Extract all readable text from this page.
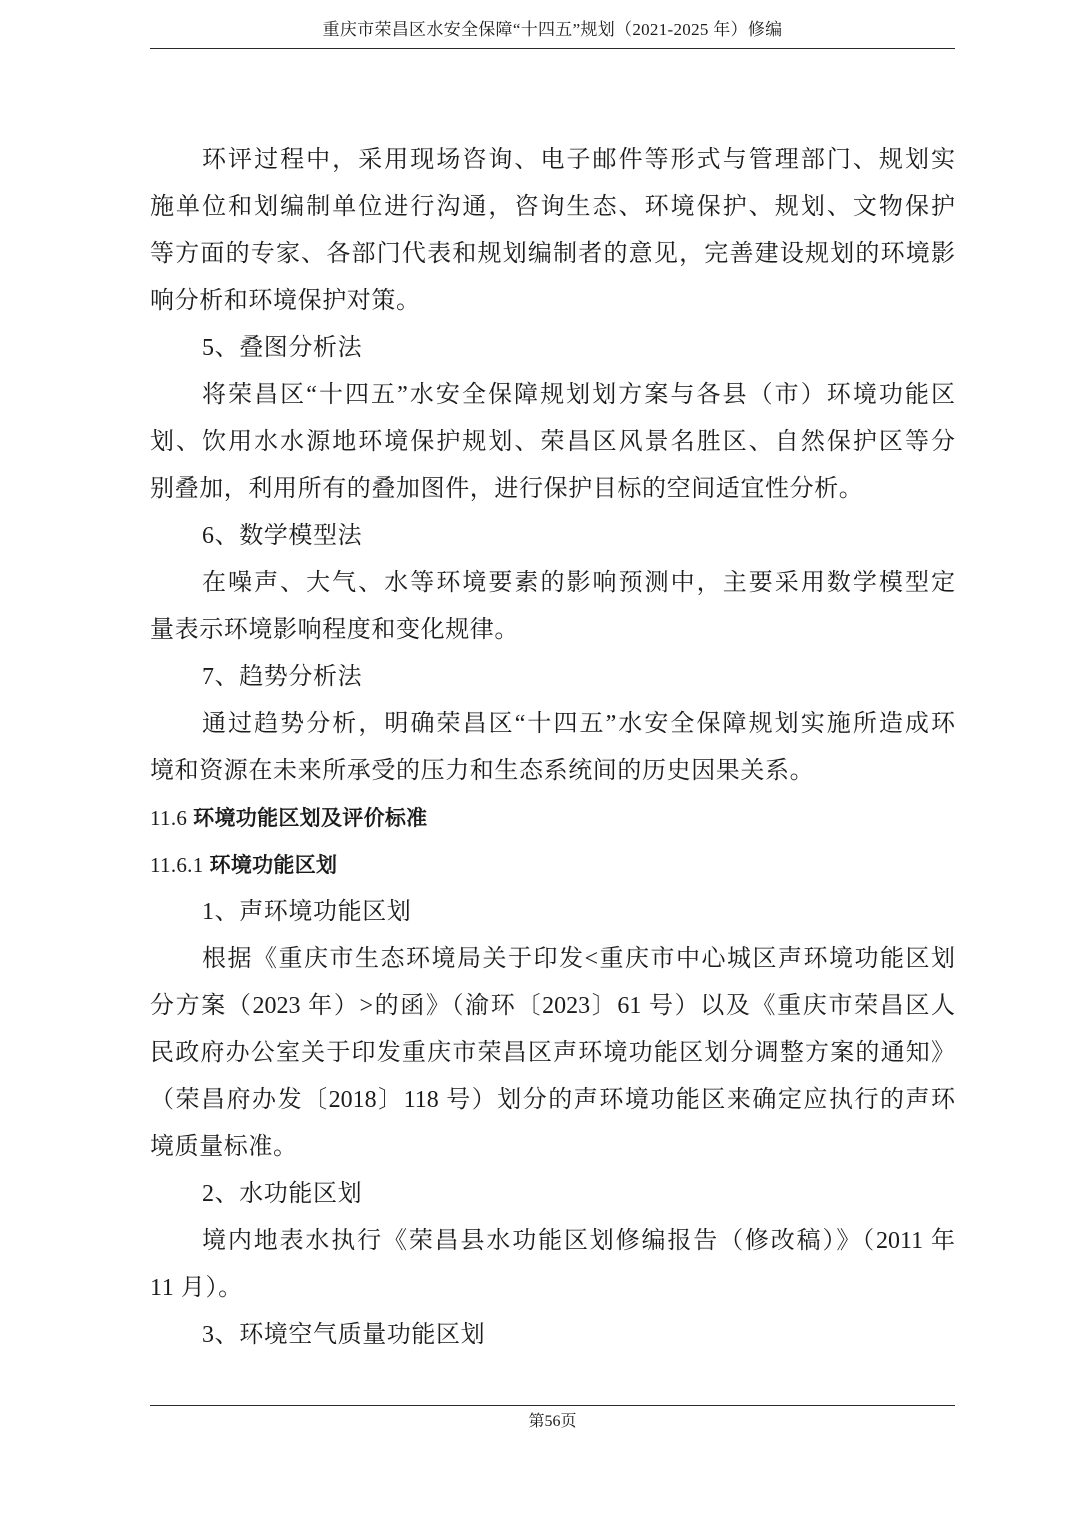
重庆市荣昌区水安全保障“十四五”规划（2021-2025 年）修编
环评过程中，采用现场咨询、电子邮件等形式与管理部门、规划实
施单位和划编制单位进行沟通，咨询生态、环境保护、规划、文物保护
等方面的专家、各部门代表和规划编制者的意见，完善建设规划的环境影
响分析和环境保护对策。
5、叠图分析法
将荣昌区“十四五”水安全保障规划划方案与各县（市）环境功能区
划、饮用水水源地环境保护规划、荣昌区风景名胜区、自然保护区等分
别叠加，利用所有的叠加图件，进行保护目标的空间适宜性分析。
6、数学模型法
在噪声、大气、水等环境要素的影响预测中，主要采用数学模型定
量表示环境影响程度和变化规律。
7、趋势分析法
通过趋势分析，明确荣昌区“十四五”水安全保障规划实施所造成环
境和资源在未来所承受的压力和生态系统间的历史因果关系。
11.6 环境功能区划及评价标准
11.6.1 环境功能区划
1、声环境功能区划
根据《重庆市生态环境局关于印发<重庆市中心城区声环境功能区划
分方案（2023 年）>的函》（渝环〔2023〕61 号）以及《重庆市荣昌区人
民政府办公室关于印发重庆市荣昌区声环境功能区划分调整方案的通知》
（荣昌府办发〔2018〕118 号）划分的声环境功能区来确定应执行的声环
境质量标准。
2、水功能区划
境内地表水执行《荣昌县水功能区划修编报告（修改稿）》（2011 年
11 月）。
3、环境空气质量功能区划
第56页
